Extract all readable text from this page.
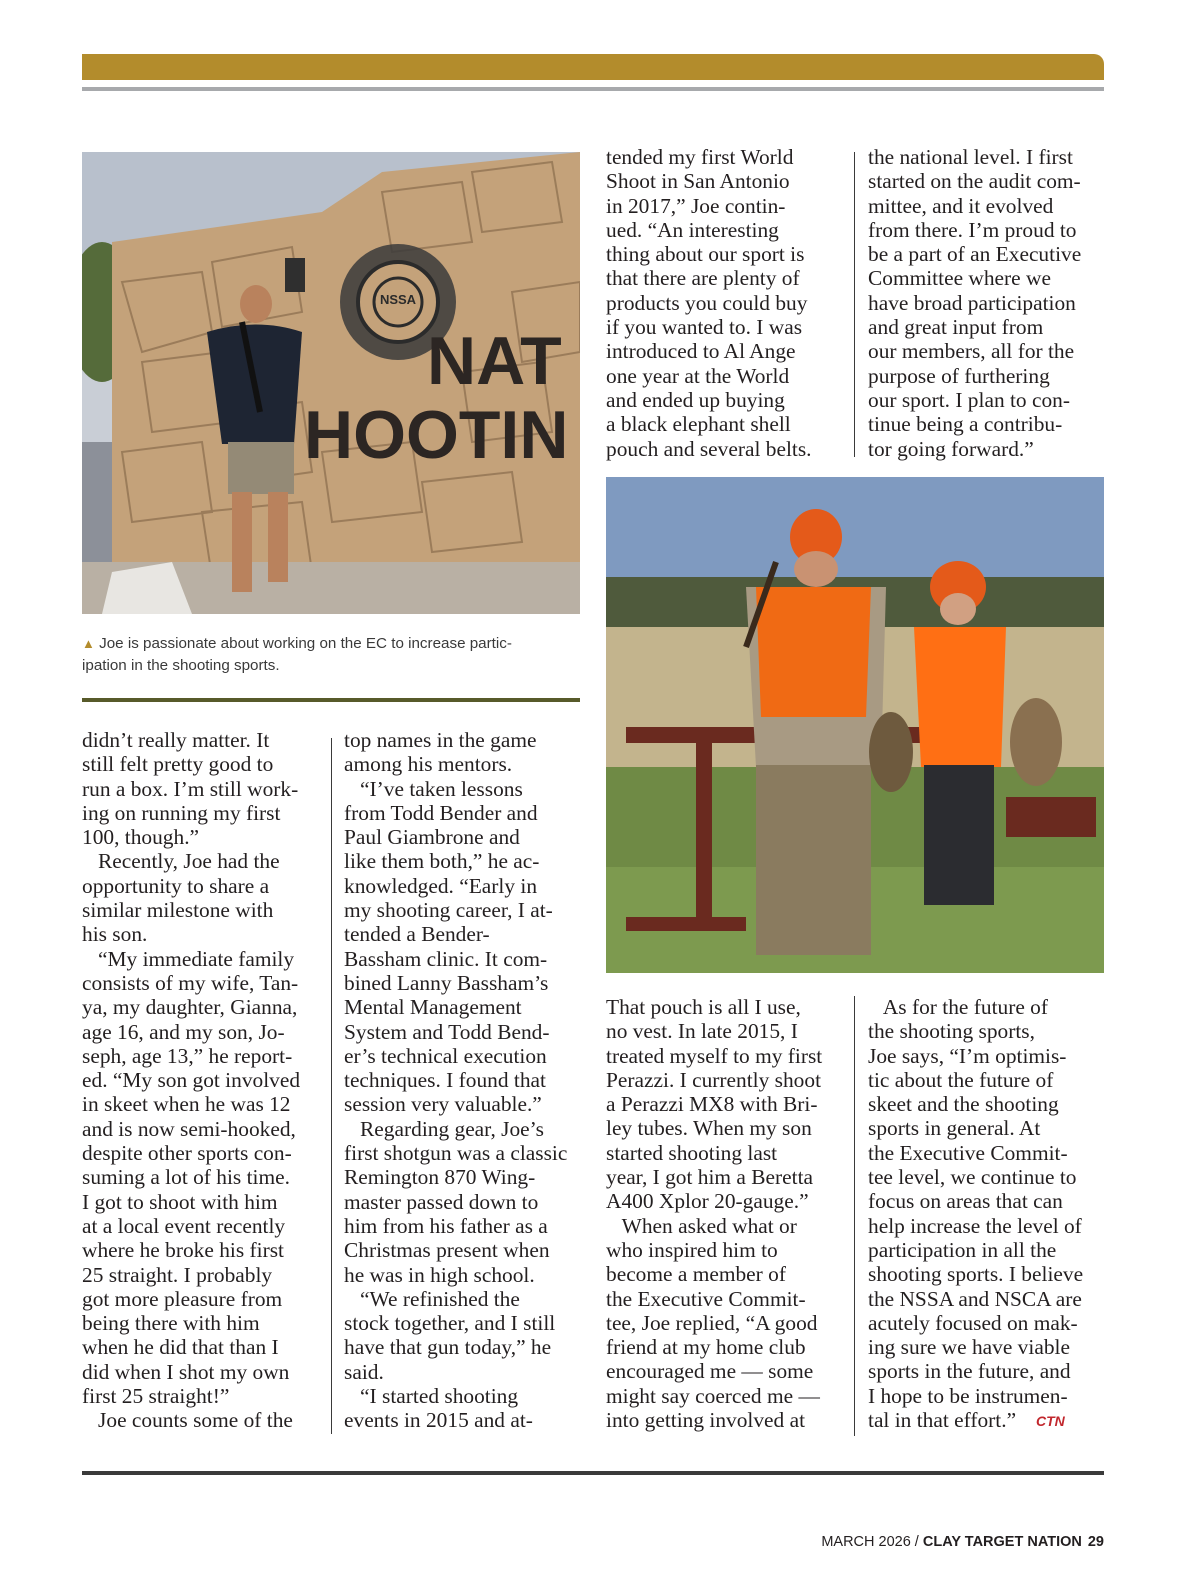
NSSA
NAT
HOOTIN
▲ Joe is passionate about working on the EC to increase partic-
ipation in the shooting sports.
didn’t really matter. It
still felt pretty good to
run a box. I’m still work-
ing on running my first
100, though.”
Recently, Joe had the
opportunity to share a
similar milestone with
his son.
“My immediate family
consists of my wife, Tan-
ya, my daughter, Gianna,
age 16, and my son, Jo-
seph, age 13,” he report-
ed. “My son got involved
in skeet when he was 12
and is now semi-hooked,
despite other sports con-
suming a lot of his time.
I got to shoot with him
at a local event recently
where he broke his first
25 straight. I probably
got more pleasure from
being there with him
when he did that than I
did when I shot my own
first 25 straight!”
Joe counts some of the
top names in the game
among his mentors.
“I’ve taken lessons
from Todd Bender and
Paul Giambrone and
like them both,” he ac-
knowledged. “Early in
my shooting career, I at-
tended a Bender-
Bassham clinic. It com-
bined Lanny Bassham’s
Mental Management
System and Todd Bend-
er’s technical execution
techniques. I found that
session very valuable.”
Regarding gear, Joe’s
first shotgun was a classic
Remington 870 Wing-
master passed down to
him from his father as a
Christmas present when
he was in high school.
“We refinished the
stock together, and I still
have that gun today,” he
said.
“I started shooting
events in 2015 and at-
tended my first World
Shoot in San Antonio
in 2017,” Joe contin-
ued. “An interesting
thing about our sport is
that there are plenty of
products you could buy
if you wanted to. I was
introduced to Al Ange
one year at the World
and ended up buying
a black elephant shell
pouch and several belts.
the national level. I first
started on the audit com-
mittee, and it evolved
from there. I’m proud to
be a part of an Executive
Committee where we
have broad participation
and great input from
our members, all for the
purpose of furthering
our sport. I plan to con-
tinue being a contribu-
tor going forward.”
That pouch is all I use,
no vest. In late 2015, I
treated myself to my first
Perazzi. I currently shoot
a Perazzi MX8 with Bri-
ley tubes. When my son
started shooting last
year, I got him a Beretta
A400 Xplor 20-gauge.”
When asked what or
who inspired him to
become a member of
the Executive Commit-
tee, Joe replied, “A good
friend at my home club
encouraged me — some
might say coerced me —
into getting involved at
As for the future of
the shooting sports,
Joe says, “I’m optimis-
tic about the future of
skeet and the shooting
sports in general. At
the Executive Commit-
tee level, we continue to
focus on areas that can
help increase the level of
participation in all the
shooting sports. I believe
the NSSA and NSCA are
acutely focused on mak-
ing sure we have viable
sports in the future, and
I hope to be instrumen-
tal in that effort.”	CTN
MARCH 2026 / CLAY TARGET NATION 29
